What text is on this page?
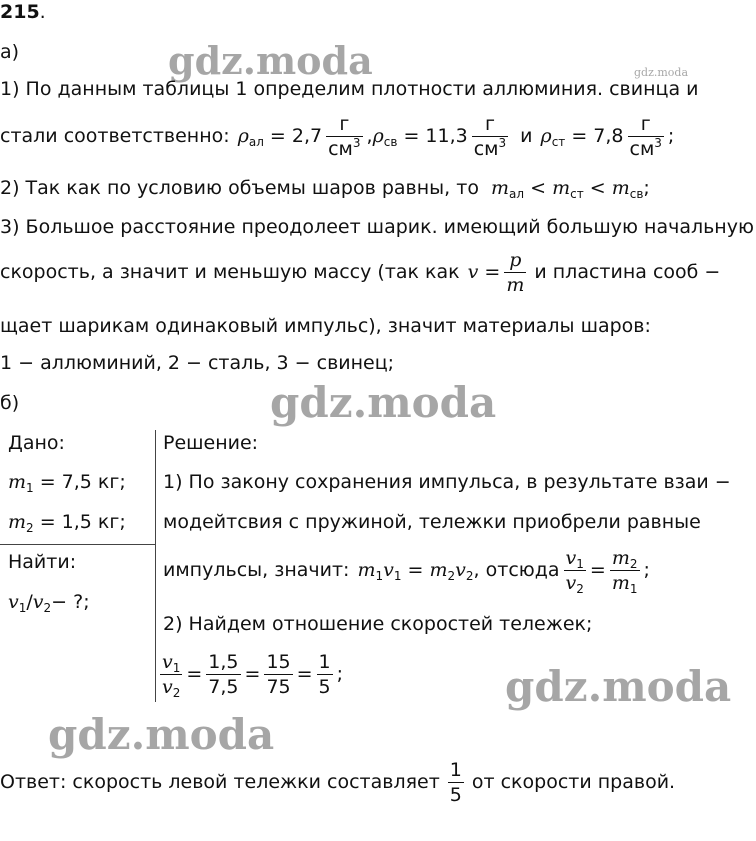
215.
а)	gdz.moda	gdz.moda
1) По данным таблицы 1 определим плотности аллюминия. свинца и
стали соответственно: $\rho_{ал} = 2,7 \frac{г}{см^3}$ , $\rho_{св} = 11,3 \frac{г}{см^3}$ и $\rho_{ст} = 7,8 \frac{г}{см^3}$ ;
2) Так как по условию объемы шаров равны, то $m_{ал} < m_{ст} < m_{св}$;
3) Большое расстояние преодолеет шарик. имеющий большую начальную
скорость, а значит и меньшую массу (так как $v = \frac{p}{m}$ и пластина сооб −
щает шарикам одинаковый импульс), значит материалы шаров:
1 − аллюминий, 2 − сталь, 3 − свинец;
б)	gdz.moda
Дано:
$m_1 = 7,5$ кг;
$m_2 = 1,5$ кг;
Найти:
$v_1/v_2-$ ?;
Решение:
1) По закону сохранения импульса, в результате взаи −
модейтсвия с пружиной, тележки приобрели равные
импульсы, значит: $m_1v_1 = m_2v_2$ , отсюда $\frac{v_1}{v_2} = \frac{m_2}{m_1}$ ;
2) Найдем отношение скоростей тележек;
$\frac{v_1}{v_2} = \frac{1,5}{7,5} = \frac{15}{75} = \frac{1}{5}$ ;	gdz.moda
gdz.moda
Ответ: скорость левой тележки составляет $\frac{1}{5}$ от скорости правой.
